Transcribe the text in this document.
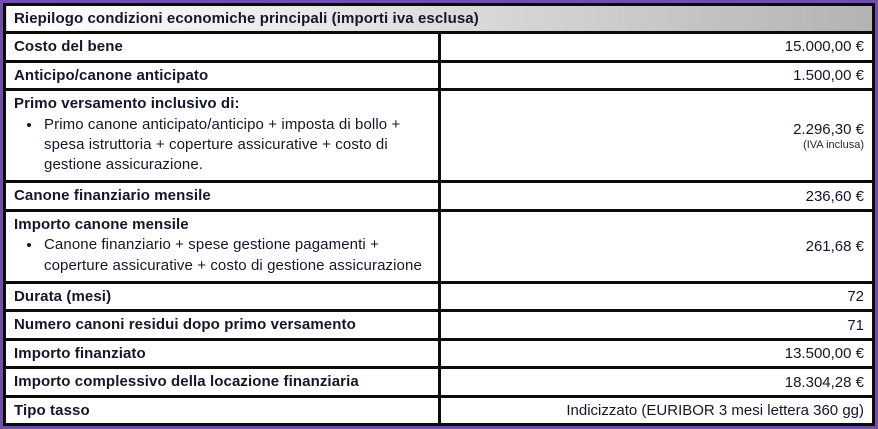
Riepilogo condizioni economiche principali (importi iva esclusa)	

Costo del bene	15.000,00 €

Anticipo/canone anticipato	1.500,00 €

Primo versamento inclusivo di:
• Primo canone anticipato/anticipo + imposta di bollo + spesa istruttoria + coperture assicurative + costo di gestione assicurazione.
	2.296,30 €
(IVA inclusa)

Canone finanziario mensile	236,60 €

Importo canone mensile
• Canone finanziario + spese gestione pagamenti + coperture assicurative + costo di gestione assicurazione
	261,68 €

Durata (mesi)	72

Numero canoni residui dopo primo versamento	71

Importo finanziato	13.500,00 €

Importo complessivo della locazione finanziaria	18.304,28 €

Tipo tasso	Indicizzato (EURIBOR 3 mesi lettera 360 gg)
